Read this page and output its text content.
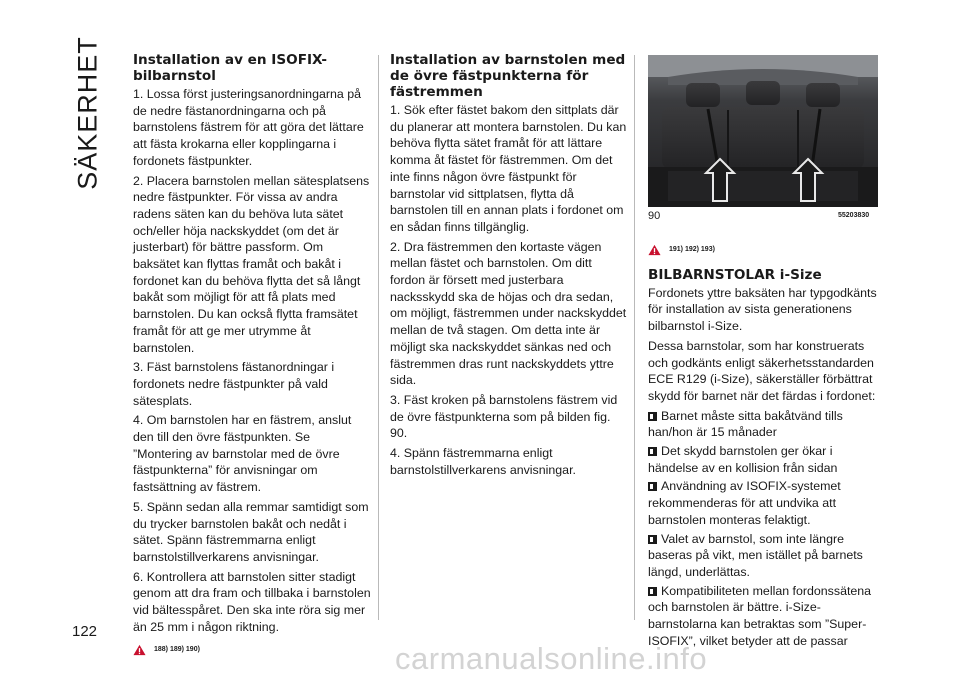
SÄKERHET
122
Installation av en ISOFIX-bilbarnstol

1. Lossa först justeringsanordningarna på de nedre fästanordningarna och på barnstolens fästrem för att göra det lättare att fästa krokarna eller kopplingarna i fordonets fästpunkter.

2. Placera barnstolen mellan sätesplatsens nedre fästpunkter. För vissa av andra radens säten kan du behöva luta sätet och/eller höja nackskyddet (om det är justerbart) för bättre passform. Om baksätet kan flyttas framåt och bakåt i fordonet kan du behöva flytta det så långt bakåt som möjligt för att få plats med barnstolen. Du kan också flytta framsätet framåt för att ge mer utrymme åt barnstolen.

3. Fäst barnstolens fästanordningar i fordonets nedre fästpunkter på vald sätesplats.

4. Om barnstolen har en fästrem, anslut den till den övre fästpunkten. Se ”Montering av barnstolar med de övre fästpunkterna” för anvisningar om fastsättning av fästrem.

5. Spänn sedan alla remmar samtidigt som du trycker barnstolen bakåt och nedåt i sätet. Spänn fästremmarna enligt barnstolstillverkarens anvisningar.

6. Kontrollera att barnstolen sitter stadigt genom att dra fram och tillbaka i barnstolen vid bältesspåret. Den ska inte röra sig mer än 25 mm i någon riktning.

188) 189) 190)
Installation av barnstolen med de övre fästpunkterna för fästremmen

1. Sök efter fästet bakom den sittplats där du planerar att montera barnstolen. Du kan behöva flytta sätet framåt för att lättare komma åt fästet för fästremmen. Om det inte finns någon övre fästpunkt för barnstolar vid sittplatsen, flytta då barnstolen till en annan plats i fordonet om en sådan finns tillgänglig.

2. Dra fästremmen den kortaste vägen mellan fästet och barnstolen. Om ditt fordon är försett med justerbara nacksskydd ska de höjas och dra sedan, om möjligt, fästremmen under nackskyddet mellan de två stagen. Om detta inte är möjligt ska nackskyddet sänkas ned och fästremmen dras runt nackskyddets yttre sida.

3. Fäst kroken på barnstolens fästrem vid de övre fästpunkterna som på bilden fig. 90.

4. Spänn fästremmarna enligt barnstolstillverkarens anvisningar.

90	55203830
191) 192) 193)
BILBARNSTOLAR i-Size

Fordonets yttre baksäten har typgodkänts för installation av sista generationens bilbarnstol i-Size.

Dessa barnstolar, som har konstruerats och godkänts enligt säkerhetsstandarden ECE R129 (i-Size), säkerställer förbättrat skydd för barnet när det färdas i fordonet:

Barnet måste sitta bakåtvänd tills han/hon är 15 månader

Det skydd barnstolen ger ökar i händelse av en kollision från sidan

Användning av ISOFIX-systemet rekommenderas för att undvika att barnstolen monteras felaktigt.

Valet av barnstol, som inte längre baseras på vikt, men istället på barnets längd, underlättas.

Kompatibiliteten mellan fordonssätena och barnstolen är bättre. i-Size-barnstolarna kan betraktas som ”Super-ISOFIX”, vilket betyder att de passar

carmanualsonline.info
